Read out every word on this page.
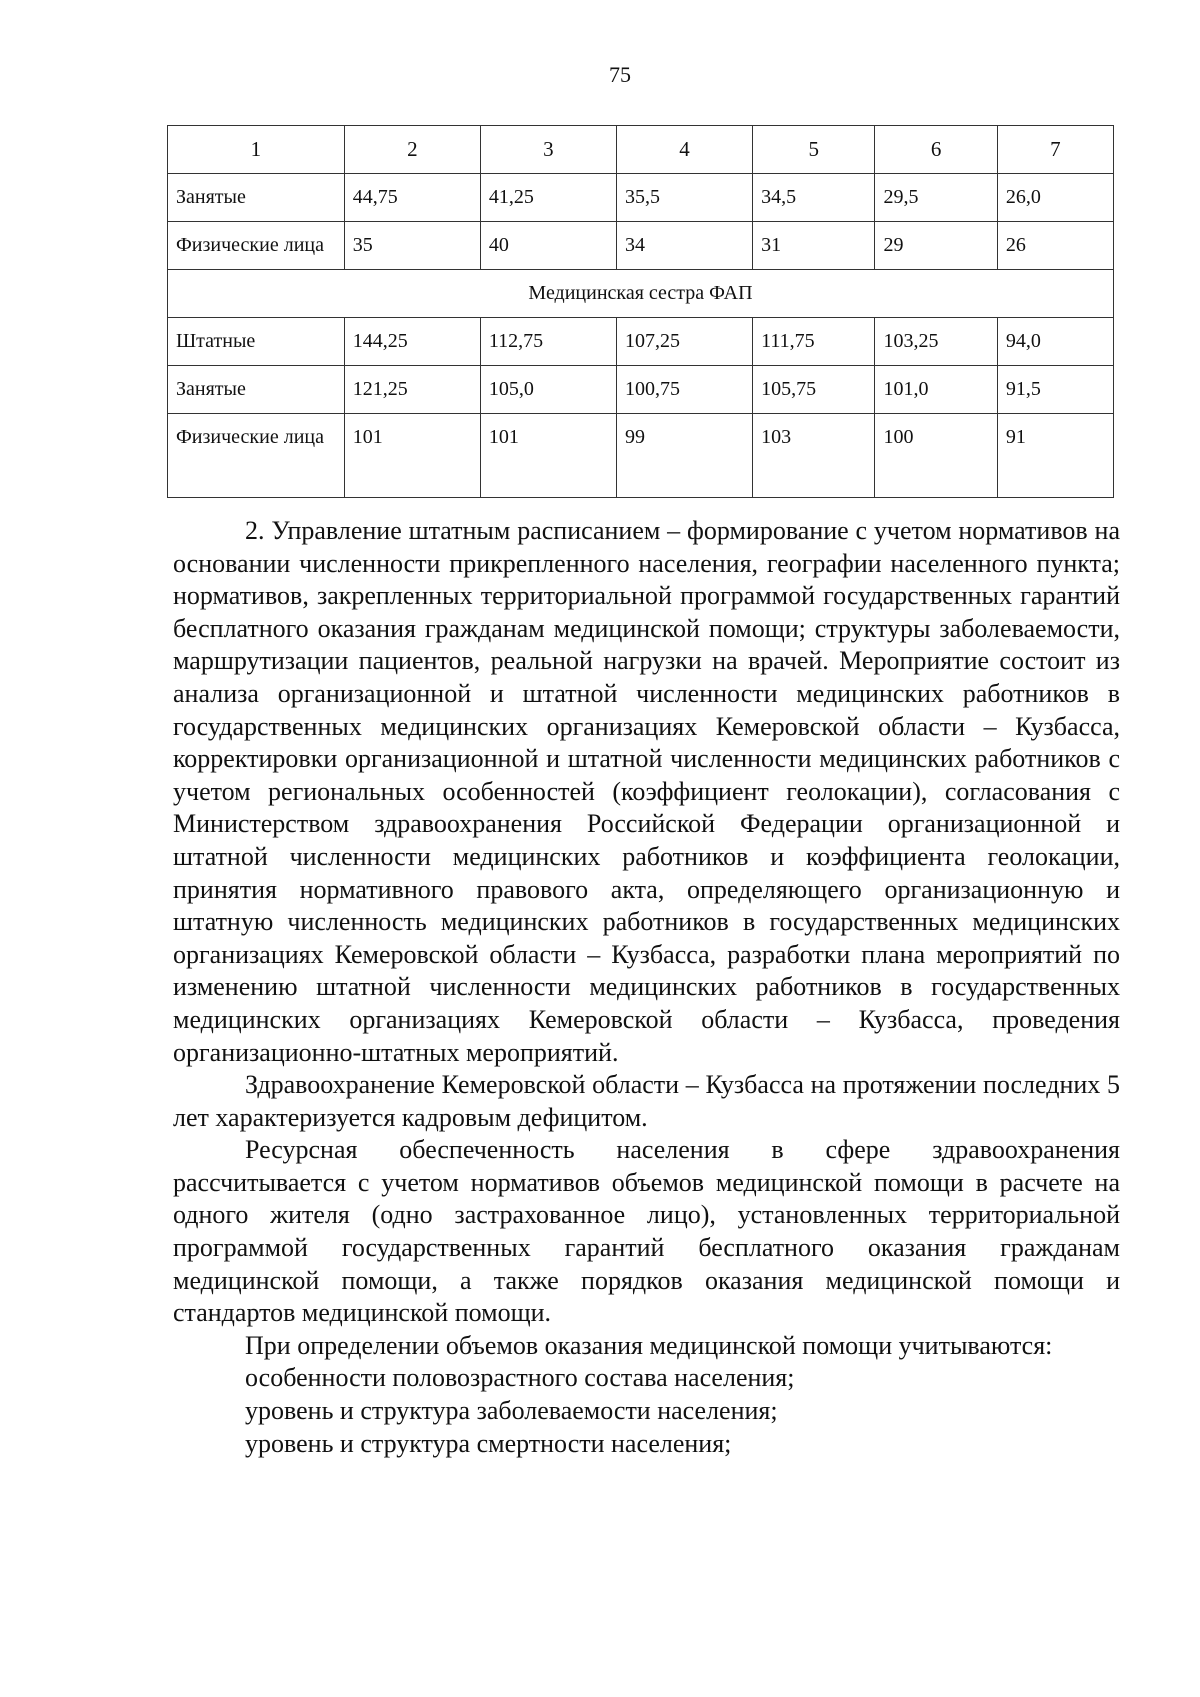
75
1	2	3	4	5	6	7
Занятые	44,75	41,25	35,5	34,5	29,5	26,0
Физические лица	35	40	34	31	29	26
Медицинская сестра ФАП						
Штатные	144,25	112,75	107,25	111,75	103,25	94,0
Занятые	121,25	105,0	100,75	105,75	101,0	91,5
Физические лица	101	101	99	103	100	91

2. Управление штатным расписанием – формирование с учетом нормативов на основании численности прикрепленного населения, географии населенного пункта; нормативов, закрепленных территориальной программой государственных гарантий бесплатного оказания гражданам медицинской помощи; структуры заболеваемости, маршрутизации пациентов, реальной нагрузки на врачей. Мероприятие состоит из анализа организационной и штатной численности медицинских работников в государственных медицинских организациях Кемеровской области – Кузбасса, корректировки организационной и штатной численности медицинских работников с учетом региональных особенностей (коэффициент геолокации), согласования с Министерством здравоохранения Российской Федерации организационной и штатной численности медицинских работников и коэффициента геолокации, принятия нормативного правового акта, определяющего организационную и штатную численность медицинских работников в государственных медицинских организациях Кемеровской области – Кузбасса, разработки плана мероприятий по изменению штатной численности медицинских работников в государственных медицинских организациях Кемеровской области – Кузбасса, проведения организационно-штатных мероприятий.

Здравоохранение Кемеровской области – Кузбасса на протяжении последних 5 лет характеризуется кадровым дефицитом.

Ресурсная обеспеченность населения в сфере здравоохранения рассчитывается с учетом нормативов объемов медицинской помощи в расчете на одного жителя (одно застрахованное лицо), установленных территориальной программой государственных гарантий бесплатного оказания гражданам медицинской помощи, а также порядков оказания медицинской помощи и стандартов медицинской помощи.

При определении объемов оказания медицинской помощи учитываются:

особенности половозрастного состава населения;

уровень и структура заболеваемости населения;

уровень и структура смертности населения;
